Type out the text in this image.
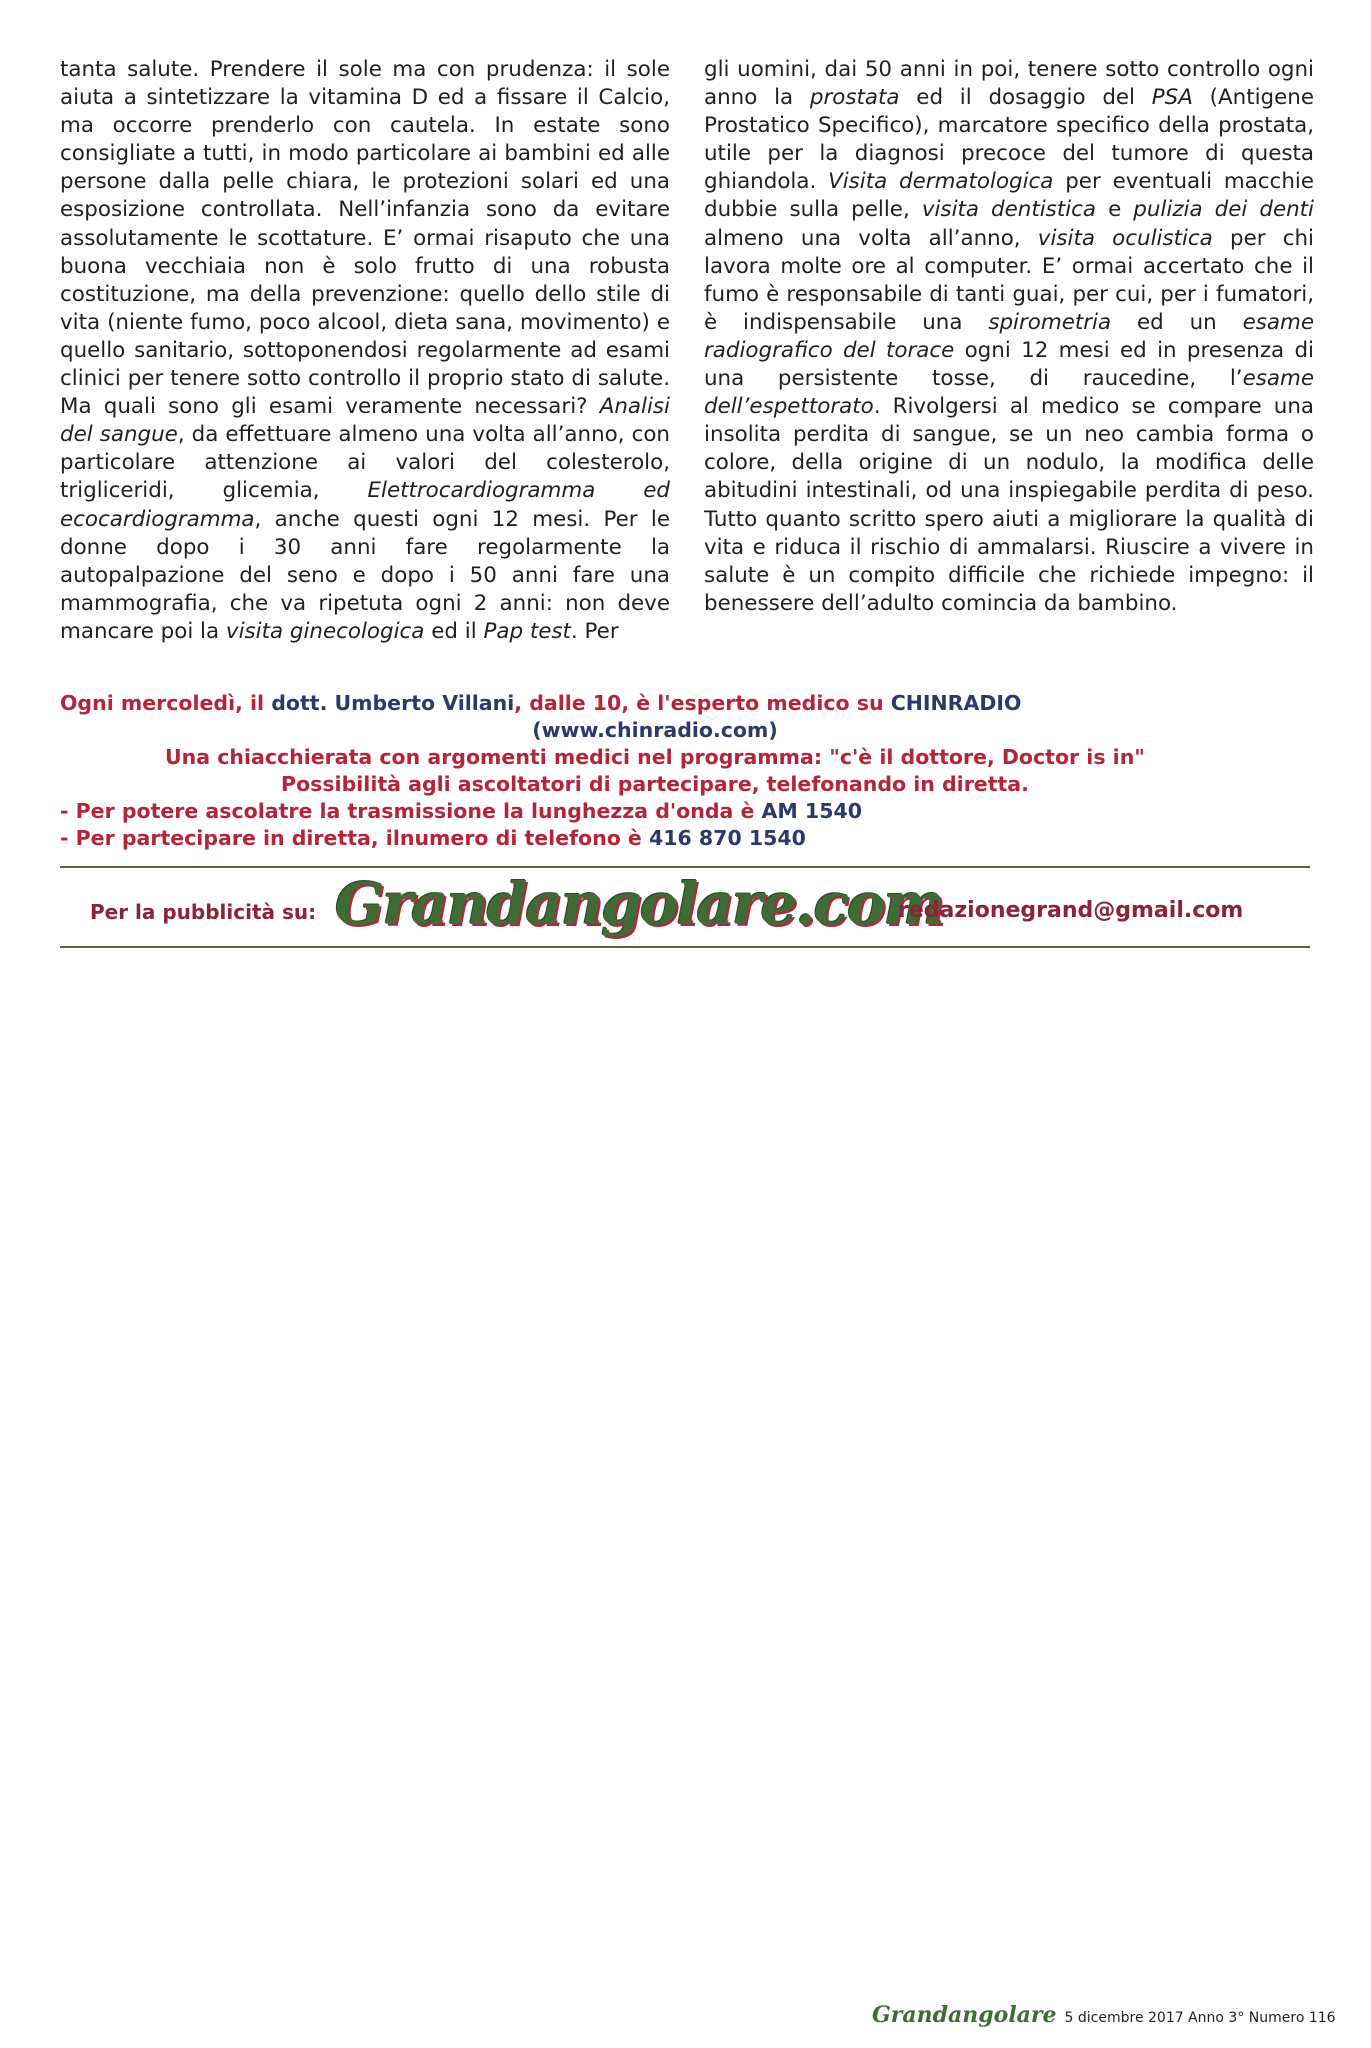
tanta salute. Prendere il sole ma con prudenza: il sole aiuta a sintetizzare la vitamina D ed a fissare il Calcio, ma occorre prenderlo con cautela. In estate sono consigliate a tutti, in modo particolare ai bambini ed alle persone dalla pelle chiara, le protezioni solari ed una esposizione controllata. Nell’infanzia sono da evitare assolutamente le scottature. E’ ormai risaputo che una buona vecchiaia non è solo frutto di una robusta costituzione, ma della prevenzione: quello dello stile di vita (niente fumo, poco alcool, dieta sana, movimento) e quello sanitario, sottoponendosi regolarmente ad esami clinici per tenere sotto controllo il proprio stato di salute. Ma quali sono gli esami veramente necessari? Analisi del sangue, da effettuare almeno una volta all’anno, con particolare attenzione ai valori del colesterolo, trigliceridi, glicemia, Elettrocardiogramma ed ecocardiogramma, anche questi ogni 12 mesi. Per le donne dopo i 30 anni fare regolarmente la autopalpazione del seno e dopo i 50 anni fare una mammografia, che va ripetuta ogni 2 anni: non deve mancare poi la visita ginecologica ed il Pap test. Per

gli uomini, dai 50 anni in poi, tenere sotto controllo ogni anno la prostata ed il dosaggio del PSA (Antigene Prostatico Specifico), marcatore specifico della prostata, utile per la diagnosi precoce del tumore di questa ghiandola. Visita dermatologica per eventuali macchie dubbie sulla pelle, visita dentistica e pulizia dei denti almeno una volta all’anno, visita oculistica per chi lavora molte ore al computer. E’ ormai accertato che il fumo è responsabile di tanti guai, per cui, per i fumatori, è indispensabile una spirometria ed un esame radiografico del torace ogni 12 mesi ed in presenza di una persistente tosse, di raucedine, l’esame dell’espettorato. Rivolgersi al medico se compare una insolita perdita di sangue, se un neo cambia forma o colore, della origine di un nodulo, la modifica delle abitudini intestinali, od una inspiegabile perdita di peso. Tutto quanto scritto spero aiuti a migliorare la qualità di vita e riduca il rischio di ammalarsi. Riuscire a vivere in salute è un compito difficile che richiede impegno: il benessere dell’adulto comincia da bambino.

Ogni mercoledì, il dott. Umberto Villani, dalle 10, è l'esperto medico su CHINRADIO
(www.chinradio.com)
Una chiacchierata con argomenti medici nel programma: "c'è il dottore, Doctor is in"
Possibilità agli ascoltatori di partecipare, telefonando in diretta.
- Per potere ascolatre la trasmissione la lunghezza d'onda è AM 1540
- Per partecipare in diretta, ilnumero di telefono è 416 870 1540
Per la pubblicità su: Grandangolare.com
redazionegrand@gmail.com
Grandangolare 5 dicembre 2017 Anno 3° Numero 116
